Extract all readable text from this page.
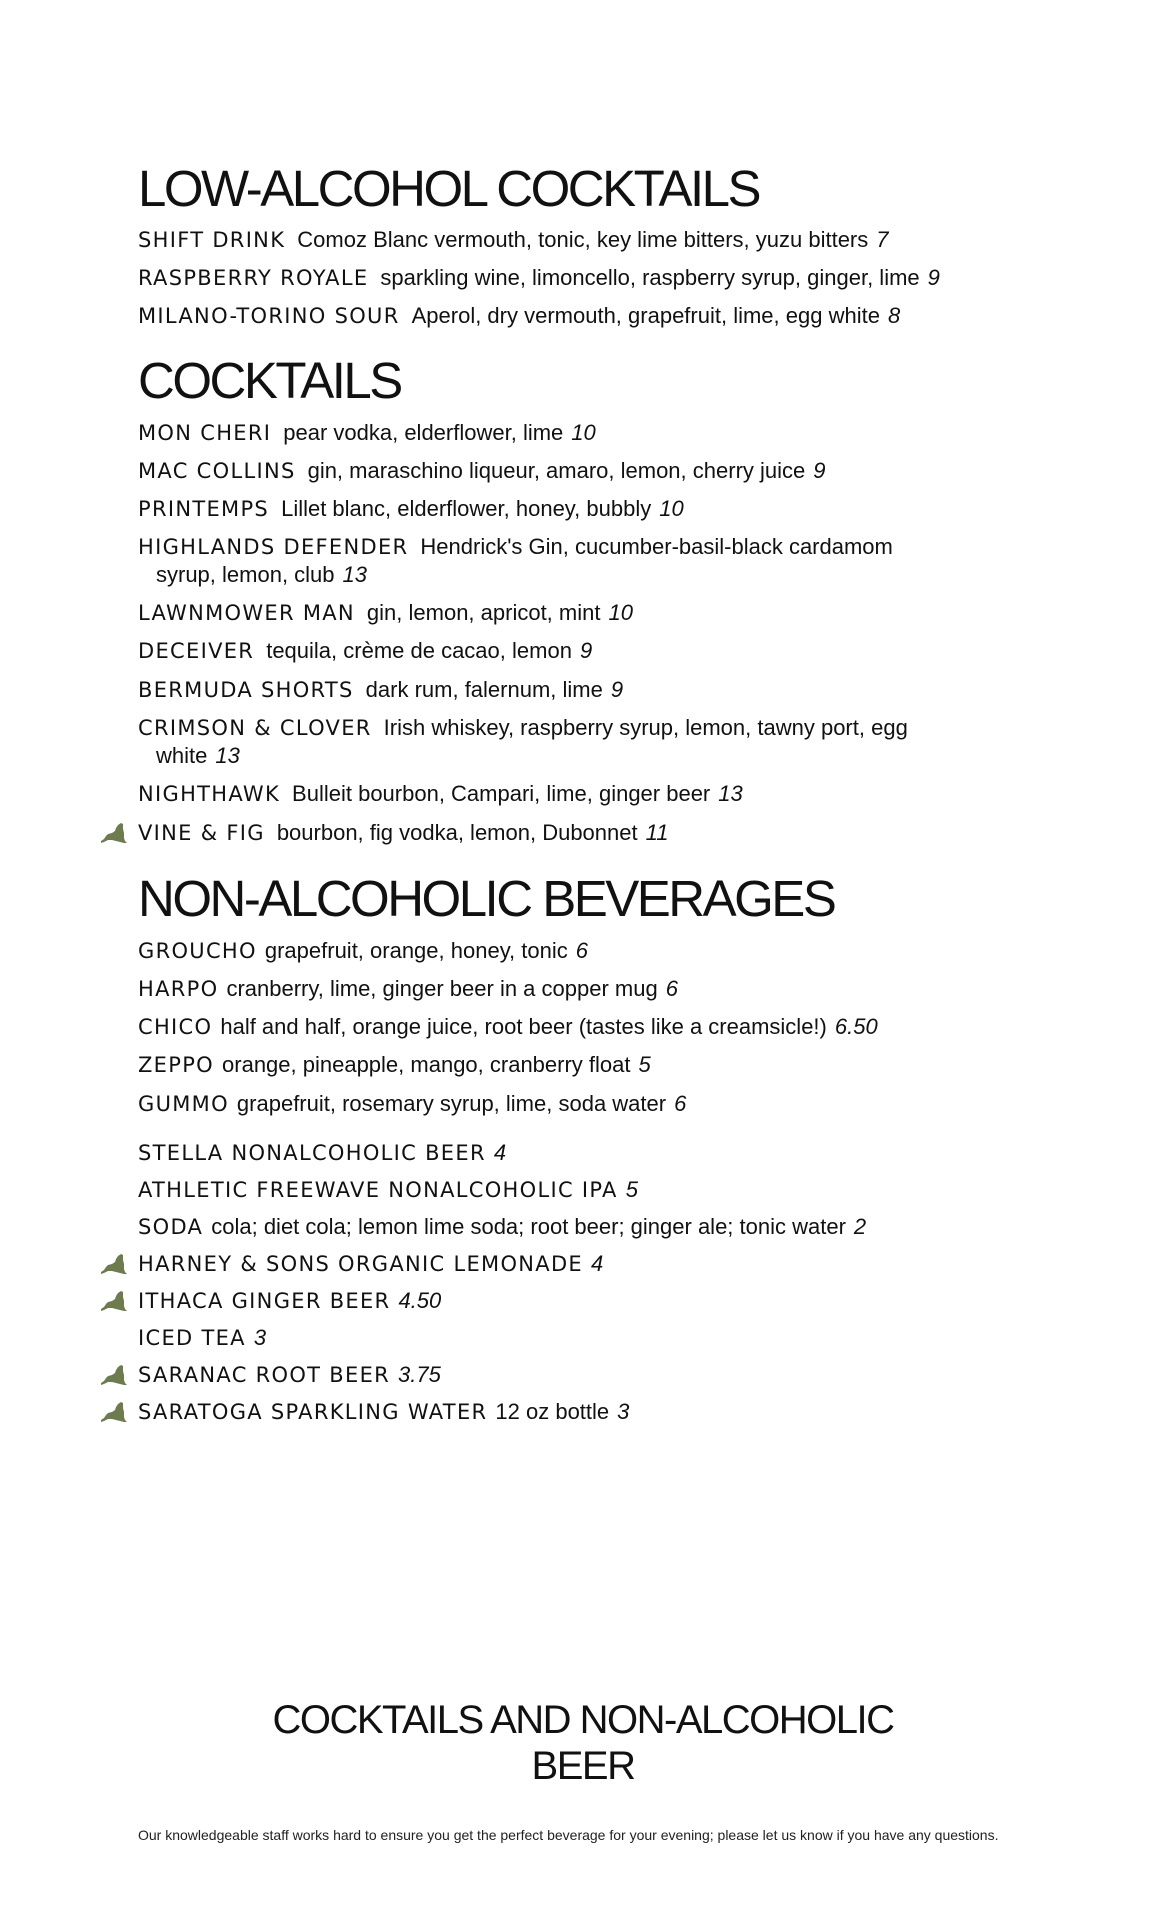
LOW-ALCOHOL COCKTAILS
SHIFT DRINK Comoz Blanc vermouth, tonic, key lime bitters, yuzu bitters 7
RASPBERRY ROYALE sparkling wine, limoncello, raspberry syrup, ginger, lime 9
MILANO-TORINO SOUR Aperol, dry vermouth, grapefruit, lime, egg white 8
COCKTAILS
MON CHERI pear vodka, elderflower, lime 10
MAC COLLINS gin, maraschino liqueur, amaro, lemon, cherry juice 9
PRINTEMPS Lillet blanc, elderflower, honey, bubbly 10
HIGHLANDS DEFENDER Hendrick's Gin, cucumber-basil-black cardamom
syrup, lemon, club 13
LAWNMOWER MAN gin, lemon, apricot, mint 10
DECEIVER tequila, crème de cacao, lemon 9
BERMUDA SHORTS dark rum, falernum, lime 9
CRIMSON & CLOVER Irish whiskey, raspberry syrup, lemon, tawny port, egg
white 13
NIGHTHAWK Bulleit bourbon, Campari, lime, ginger beer 13
VINE & FIG bourbon, fig vodka, lemon, Dubonnet 11
NON-ALCOHOLIC BEVERAGES
GROUCHO grapefruit, orange, honey, tonic 6
HARPO cranberry, lime, ginger beer in a copper mug 6
CHICO half and half, orange juice, root beer (tastes like a creamsicle!) 6.50
ZEPPO orange, pineapple, mango, cranberry float 5
GUMMO grapefruit, rosemary syrup, lime, soda water 6
STELLA NONALCOHOLIC BEER 4
ATHLETIC FREEWAVE NONALCOHOLIC IPA 5
SODA cola; diet cola; lemon lime soda; root beer; ginger ale; tonic water 2
HARNEY & SONS ORGANIC LEMONADE 4
ITHACA GINGER BEER 4.50
ICED TEA 3
SARANAC ROOT BEER 3.75
SARATOGA SPARKLING WATER 12 oz bottle 3
COCKTAILS AND NON-ALCOHOLIC
BEER

Our knowledgeable staff works hard to ensure you get the perfect beverage for your evening; please let us know if you have any questions.
